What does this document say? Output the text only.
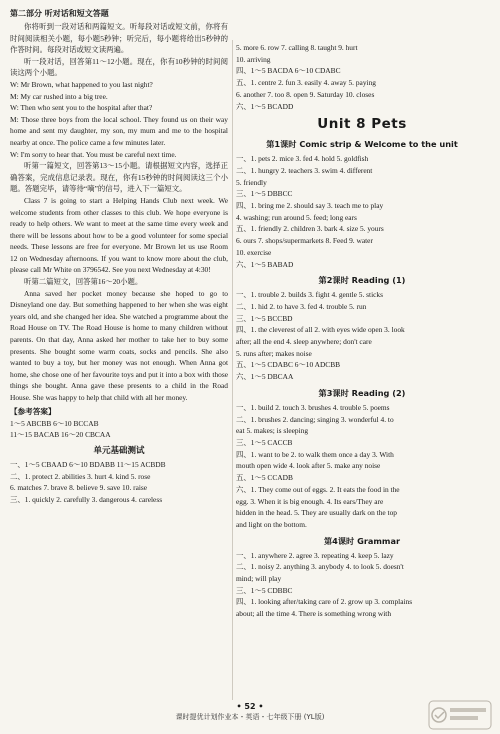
第二部分 听对话和短文答题

你将听到一段对话和两篇短文。听每段对话或短文前，你将有时间阅读相关小题，每小题5秒钟；听完后，每小题将给出5秒钟的作答时间。每段对话或短文读两遍。

听一段对话，回答第11～12小题。现在，你有10秒钟的时间阅读这两个小题。

W: Mr Brown, what happened to you last night?

M: My car rushed into a big tree.

W: Then who sent you to the hospital after that?

M: Those three boys from the local school. They found us on their way home and sent my daughter, my son, my mum and me to the hospital nearby at once. The police came a few minutes later.

W: I'm sorry to hear that. You must be careful next time.

听第一篇短文，回答第13～15小题。请根据短文内容，选择正确答案，完成信息记录表。现在，你有15秒钟的时间阅读这三个小题。答题完毕，请等待“嘀”的信号，进入下一篇短文。

Class 7 is going to start a Helping Hands Club next week. We welcome students from other classes to this club. We hope everyone is ready to help others. We want to meet at the same time every week and there will be lessons about how to be a good volunteer for some special needs. These lessons are free for everyone. Mr Brown let us use Room 12 on Wednesday afternoons. If you want to know more about the club, please call Mr White on 3796542. See you next Wednesday at 4:30!

听第二篇短文，回答第16～20小题。

Anna saved her pocket money because she hoped to go to Disneyland one day. But something happened to her when she was eight years old, and she changed her idea. She watched a programme about the Road House on TV. The Road House is home to many children without parents. On that day, Anna asked her mother to take her to buy some presents. She bought some warm coats, socks and pencils. She also wanted to buy a toy, but her money was not enough. When Anna got home, she chose one of her favourite toys and put it into a box with those things she bought. Anna gave these presents to a child in the Road House. She was happy to help that child with all her money.

【参考答案】

1～5 ABCBB 6～10 BCCAB

11～15 BACAB 16～20 CBCAA

单元基础测试

一、1～5 CBAAD 6～10 BDABB 11～15 ACBDB

二、1. protect 2. abilities 3. hurt 4. kind 5. rose

6. matches 7. brave 8. believe 9. save 10. raise

三、1. quickly 2. carefully 3. dangerous 4. careless

5. more 6. row 7. calling 8. taught 9. hurt

10. arriving

四、1～5 BACDA 6～10 CDABC

五、1. centre 2. fun 3. easily 4. away 5. paying

6. another 7. too 8. open 9. Saturday 10. closes

六、1～5 BCADD

Unit 8 Pets
第1课时 Comic strip & Welcome to the unit

一、1. pets 2. mice 3. fed 4. hold 5. goldfish

二、1. hungry 2. teachers 3. swim 4. different

5. friendly

三、1～5 DBBCC

四、1. bring me 2. should say 3. teach me to play

4. washing; run around 5. feed; long ears

五、1. friendly 2. children 3. bark 4. size 5. yours

6. ours 7. shops/supermarkets 8. Feed 9. water

10. exercise

六、1～5 BABAD

第2课时 Reading (1)

一、1. trouble 2. builds 3. fight 4. gentle 5. sticks

二、1. hid 2. to have 3. fed 4. trouble 5. run

三、1～5 BCCBD

四、1. the cleverest of all 2. with eyes wide open 3. look

after; all the end 4. sleep anywhere; don't care

5. runs after; makes noise

五、1～5 CDABC 6～10 ADCBB

六、1～5 DBCAA

第3课时 Reading (2)

一、1. build 2. touch 3. brushes 4. trouble 5. poems

二、1. brushes 2. dancing; singing 3. wonderful 4. to

eat 5. makes; is sleeping

三、1～5 CACCB

四、1. want to be 2. to walk them once a day 3. With

mouth open wide 4. look after 5. make any noise

五、1～5 CCADB

六、1. They come out of eggs. 2. It eats the food in the

egg. 3. When it is big enough. 4. Its ears/They are

hidden in the head. 5. They are usually dark on the top

and light on the bottom.

第4课时 Grammar

一、1. anywhere 2. agree 3. repeating 4. keep 5. lazy

二、1. noisy 2. anything 3. anybody 4. to look 5. doesn't

mind; will play

三、1～5 CDBBC

四、1. looking after/taking care of 2. grow up 3. complains

about; all the time 4. There is something wrong with

• 52 •
课时提优计划作业本・英语・七年级下册 (YL版)
